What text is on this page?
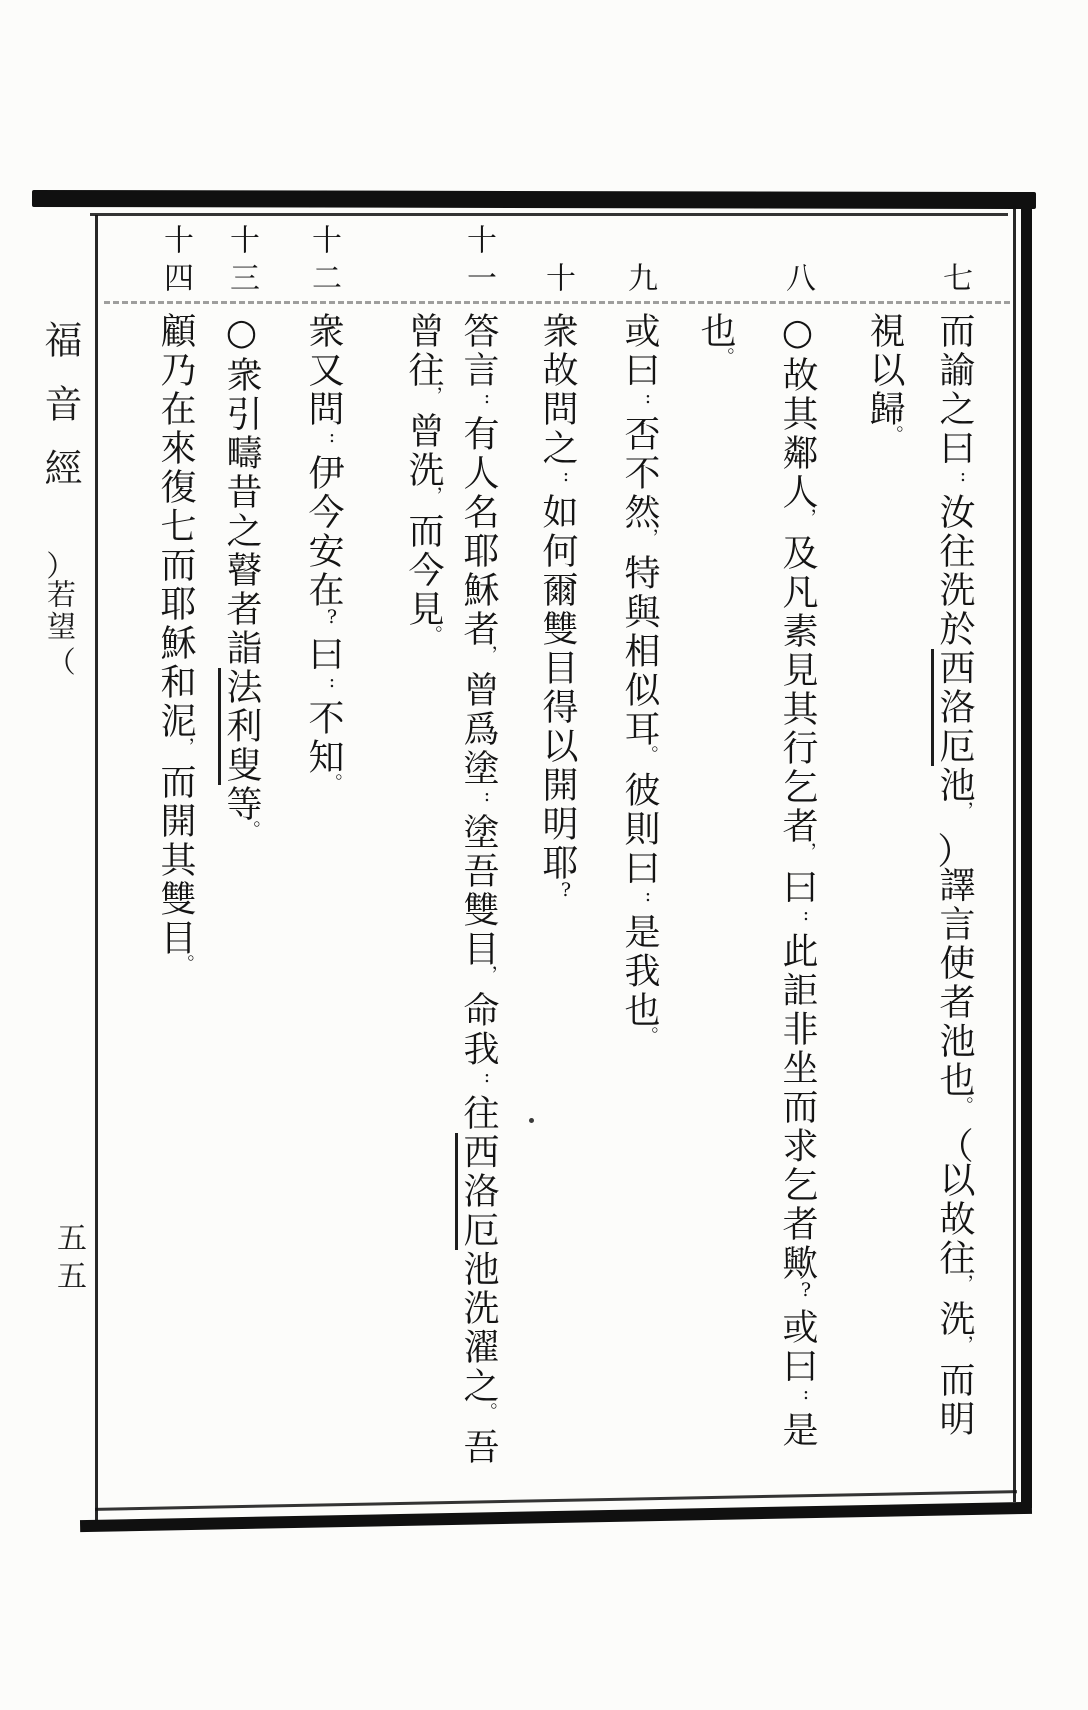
七
而諭之曰:汝往洗於西洛厄池，（譯言使者池也。）以故往，洗，而明
視以歸。
八
○故其鄰人，及凡素見其行乞者，曰:此詎非坐而求乞者歟?或曰:是
也。
九
或曰:否不然，特與相似耳。彼則曰:是我也。
十
衆故問之:如何爾雙目得以開明耶?
十一
答言:有人名耶穌者，曾爲塗:塗吾雙目，命我:往西洛厄池洗濯之。吾
曾往，曾洗，而今見。
十二
衆又問:伊今安在?曰:不知。
十三
○衆引疇昔之瞽者詣法利叟等。
十四
顧乃在來復七而耶穌和泥，而開其雙目。
福音經 （若望）
五五
